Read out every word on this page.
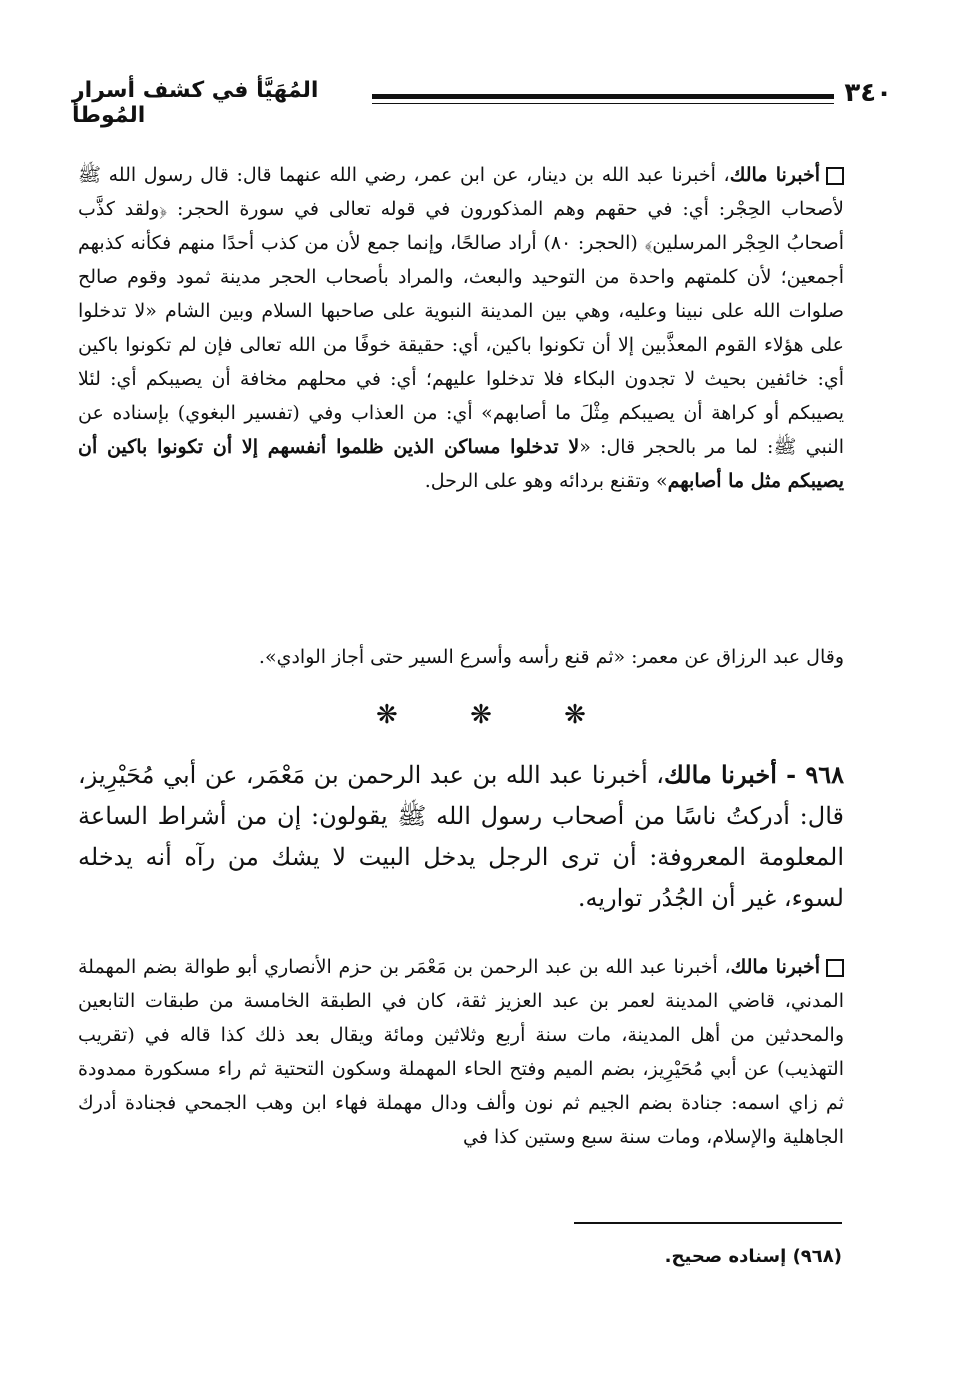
٣٤٠
المُهَيَّأ في كشف أسرار المُوطأ
أخبرنا مالك، أخبرنا عبد الله بن دينار، عن ابن عمر، رضي الله عنهما قال: قال رسول الله ﷺ لأصحاب الحِجْر: أي: في حقهم وهم المذكورون في قوله تعالى في سورة الحجر: ﴿ولقد كذَّب أصحابُ الحِجْر المرسلين﴾ (الحجر: ٨٠) أراد صالحًا، وإنما جمع لأن من كذب أحدًا منهم فكأنه كذبهم أجمعين؛ لأن كلمتهم واحدة من التوحيد والبعث، والمراد بأصحاب الحجر مدينة ثمود وقوم صالح صلوات الله على نبينا وعليه، وهي بين المدينة النبوية على صاحبها السلام وبين الشام «لا تدخلوا على هؤلاء القوم المعذَّبين إلا أن تكونوا باكين، أي: حقيقة خوفًا من الله تعالى فإن لم تكونوا باكين أي: خائفين بحيث لا تجدون البكاء فلا تدخلوا عليهم؛ أي: في محلهم مخافة أن يصيبكم أي: لئلا يصيبكم أو كراهة أن يصيبكم مِثْلَ ما أصابهم» أي: من العذاب وفي (تفسير البغوي) بإسناده عن النبي ﷺ: لما مر بالحجر قال: «لا تدخلوا مساكن الذين ظلموا أنفسهم إلا أن تكونوا باكين أن يصيبكم مثل ما أصابهم» وتقنع بردائه وهو على الرحل.
وقال عبد الرزاق عن معمر: «ثم قنع رأسه وأسرع السير حتى أجاز الوادي».
❋ ❋ ❋
٩٦٨ - أخبرنا مالك، أخبرنا عبد الله بن عبد الرحمن بن مَعْمَر، عن أبي مُحَيْرِيز، قال: أدركتُ ناسًا من أصحاب رسول الله ﷺ يقولون: إن من أشراط الساعة المعلومة المعروفة: أن ترى الرجل يدخل البيت لا يشك من رآه أنه يدخله لسوء، غير أن الجُدُر تواريه.
أخبرنا مالك، أخبرنا عبد الله بن عبد الرحمن بن مَعْمَر بن حزم الأنصاري أبو طوالة بضم المهملة المدني، قاضي المدينة لعمر بن عبد العزيز ثقة، كان في الطبقة الخامسة من طبقات التابعين والمحدثين من أهل المدينة، مات سنة أربع وثلاثين ومائة ويقال بعد ذلك كذا قاله في (تقريب التهذيب) عن أبي مُحَيْرِيز، بضم الميم وفتح الحاء المهملة وسكون التحتية ثم راء مسكورة ممدودة ثم زاي اسمه: جنادة بضم الجيم ثم نون وألف ودال مهملة فهاء ابن وهب الجمحي فجنادة أدرك الجاهلية والإسلام، ومات سنة سبع وستين كذا في
(٩٦٨) إسناده صحيح.
